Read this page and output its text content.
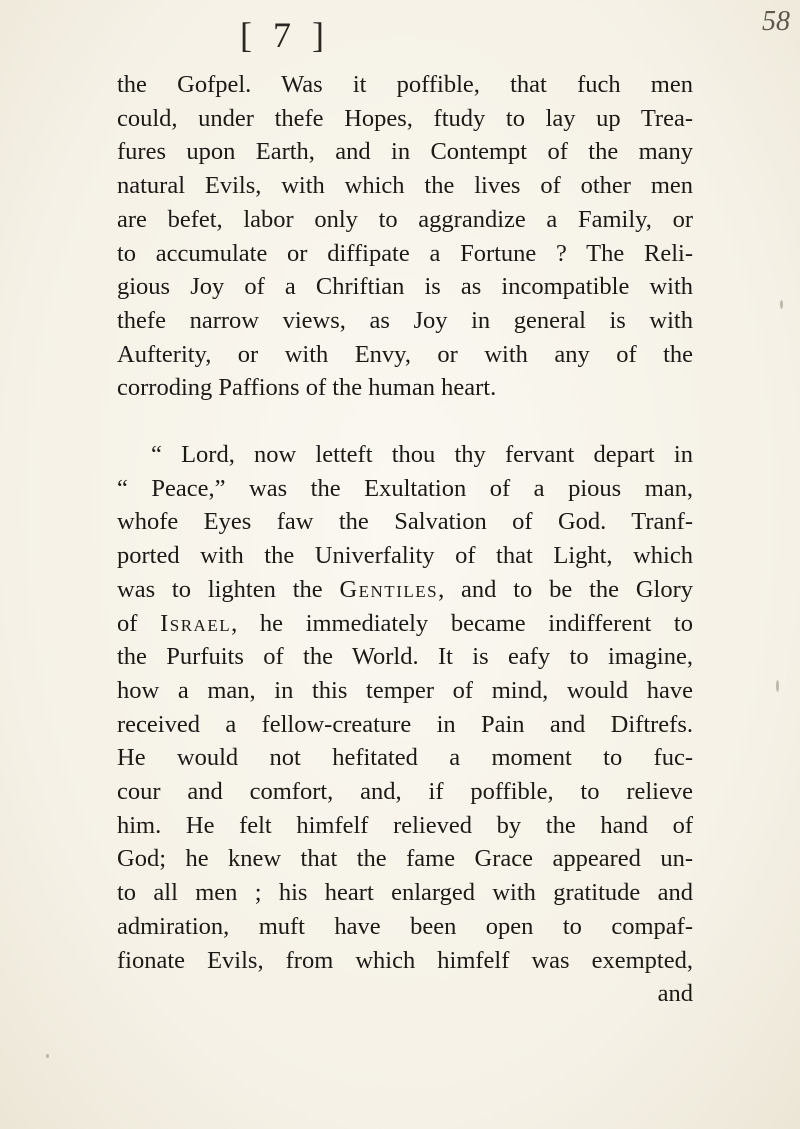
[ 7 ]	58

the Gofpel. Was it poffible, that fuch men
could, under thefe Hopes, ftudy to lay up Trea-
fures upon Earth, and in Contempt of the many
natural Evils, with which the lives of other men
are befet, labor only to aggrandize a Family, or
to accumulate or diffipate a Fortune ? The Reli-
gious Joy of a Chriftian is as incompatible with
thefe narrow views, as Joy in general is with
Aufterity, or with Envy, or with any of the
corroding Paffions of the human heart.

“ Lord, now letteft thou thy fervant depart in
“ Peace,” was the Exultation of a pious man,
whofe Eyes faw the Salvation of God. Tranf-
ported with the Univerfality of that Light, which
was to lighten the Gentiles, and to be the Glory
of Israel, he immediately became indifferent to
the Purfuits of the World. It is eafy to imagine,
how a man, in this temper of mind, would have
received a fellow-creature in Pain and Diftrefs.
He would not hefitated a moment to fuc-
cour and comfort, and, if poffible, to relieve
him. He felt himfelf relieved by the hand of
God; he knew that the fame Grace appeared un-
to all men ; his heart enlarged with gratitude and
admiration, muft have been open to compaf-
fionate Evils, from which himfelf was exempted,
and
